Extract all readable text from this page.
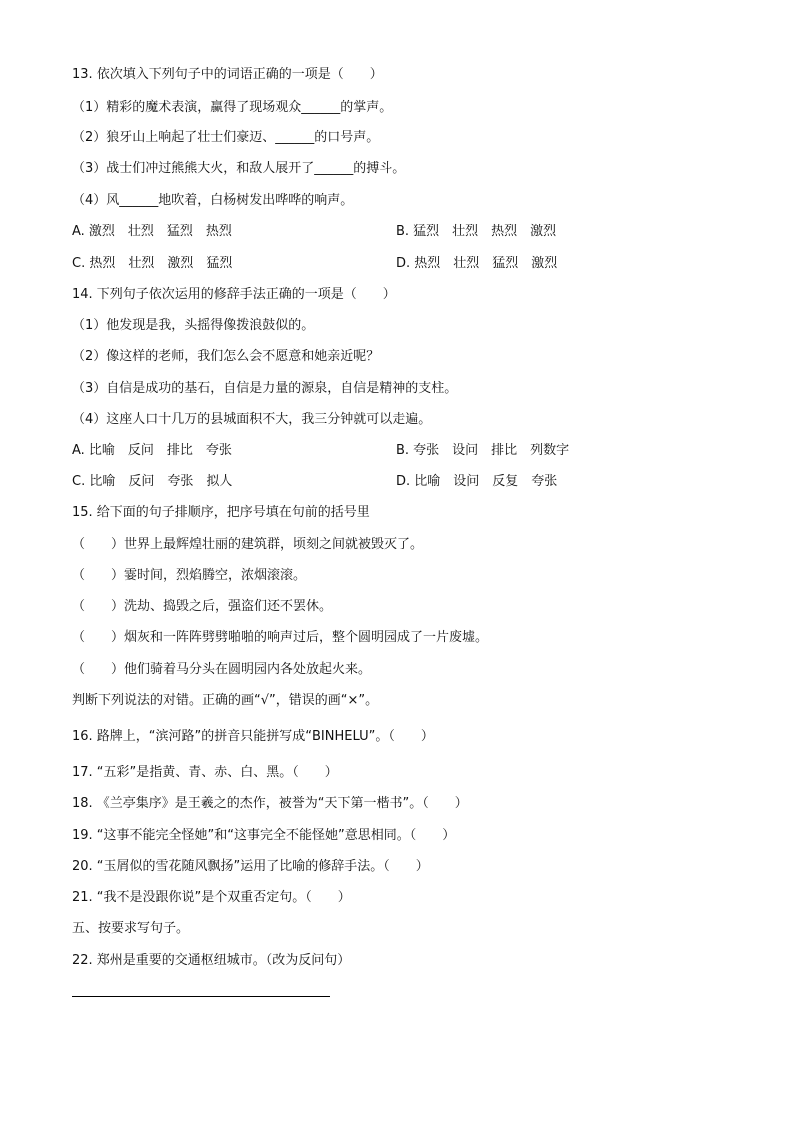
13. 依次填入下列句子中的词语正确的一项是（　　）
（1）精彩的魔术表演，赢得了现场观众______的掌声。
（2）狼牙山上响起了壮士们豪迈、______的口号声。
（3）战士们冲过熊熊大火，和敌人展开了______的搏斗。
（4）风______地吹着，白杨树发出哗哗的响声。
A. 激烈　壮烈　猛烈　热烈	B. 猛烈　壮烈　热烈　激烈
C. 热烈　壮烈　激烈　猛烈	D. 热烈　壮烈　猛烈　激烈
14. 下列句子依次运用的修辞手法正确的一项是（　　）
（1）他发现是我，头摇得像拨浪鼓似的。
（2）像这样的老师，我们怎么会不愿意和她亲近呢？
（3）自信是成功的基石，自信是力量的源泉，自信是精神的支柱。
（4）这座人口十几万的县城面积不大，我三分钟就可以走遍。
A. 比喻　反问　排比　夸张	B. 夸张　设问　排比　列数字
C. 比喻　反问　夸张　拟人	D. 比喻　设问　反复　夸张
15. 给下面的句子排顺序，把序号填在句前的括号里
（　　）世界上最辉煌壮丽的建筑群，顷刻之间就被毁灭了。
（　　）霎时间，烈焰腾空，浓烟滚滚。
（　　）洗劫、捣毁之后，强盗们还不罢休。
（　　）烟灰和一阵阵劈劈啪啪的响声过后，整个圆明园成了一片废墟。
（　　）他们骑着马分头在圆明园内各处放起火来。
判断下列说法的对错。正确的画“√”，错误的画“×”。
16. 路牌上，“滨河路”的拼音只能拼写成“BINHELU”。（　　）
17. “五彩”是指黄、青、赤、白、黑。（　　）
18. 《兰亭集序》是王羲之的杰作，被誉为“天下第一楷书”。（　　）
19. “这事不能完全怪她”和“这事完全不能怪她”意思相同。（　　）
20. “玉屑似的雪花随风飘扬”运用了比喻的修辞手法。（　　）
21. “我不是没跟你说”是个双重否定句。（　　）
五、按要求写句子。
22. 郑州是重要的交通枢纽城市。（改为反问句）
